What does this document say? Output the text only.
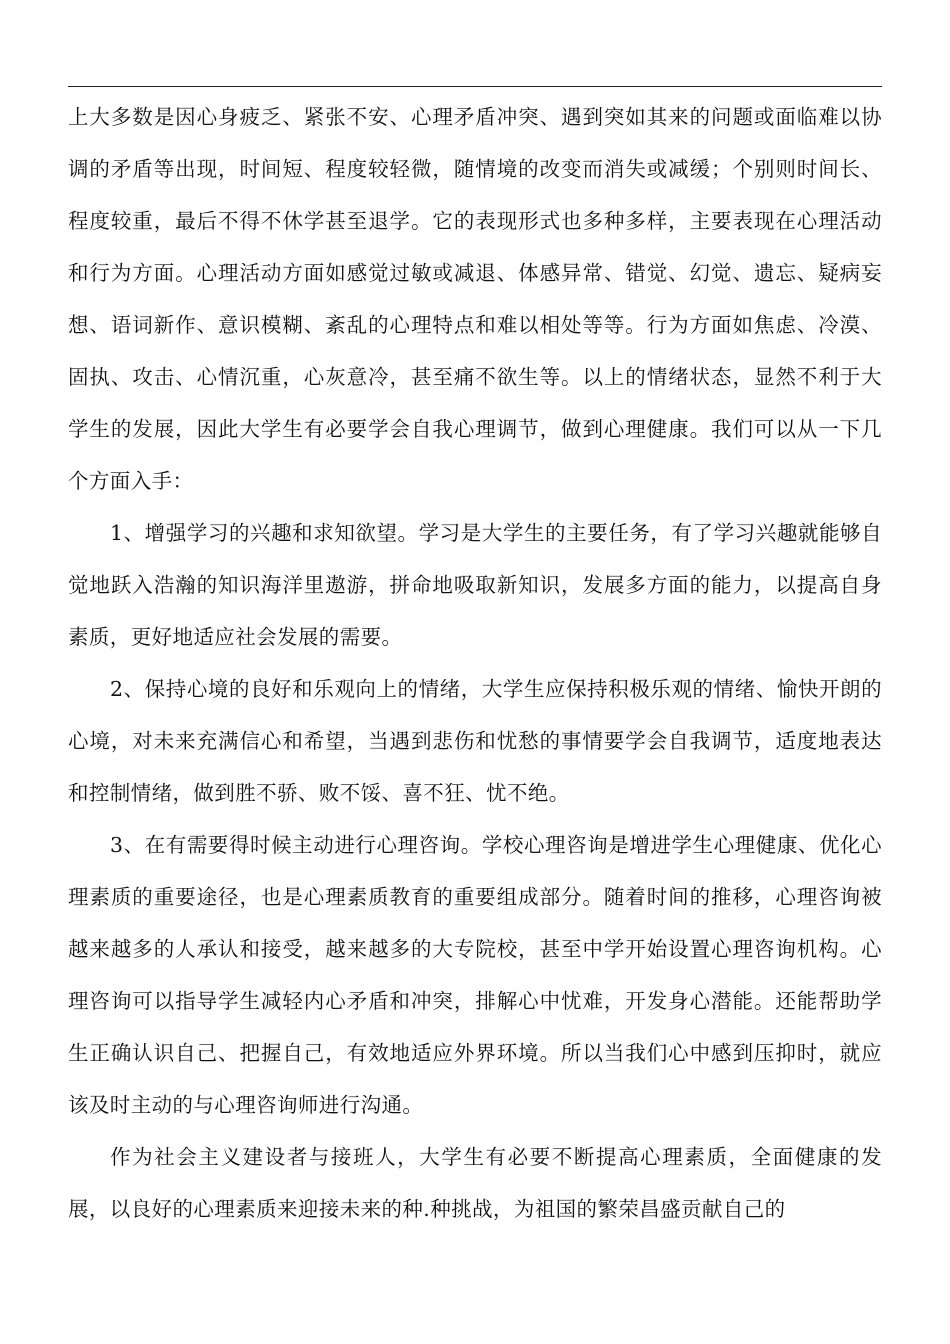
上大多数是因心身疲乏、紧张不安、心理矛盾冲突、遇到突如其来的问题或面临难以协调的矛盾等出现，时间短、程度较轻微，随情境的改变而消失或减缓；个别则时间长、程度较重，最后不得不休学甚至退学。它的表现形式也多种多样，主要表现在心理活动和行为方面。心理活动方面如感觉过敏或减退、体感异常、错觉、幻觉、遗忘、疑病妄想、语词新作、意识模糊、紊乱的心理特点和难以相处等等。行为方面如焦虑、冷漠、固执、攻击、心情沉重，心灰意冷，甚至痛不欲生等。以上的情绪状态，显然不利于大学生的发展，因此大学生有必要学会自我心理调节，做到心理健康。我们可以从一下几个方面入手：

1、增强学习的兴趣和求知欲望。学习是大学生的主要任务，有了学习兴趣就能够自觉地跃入浩瀚的知识海洋里遨游，拼命地吸取新知识，发展多方面的能力，以提高自身素质，更好地适应社会发展的需要。

2、保持心境的良好和乐观向上的情绪，大学生应保持积极乐观的情绪、愉快开朗的心境，对未来充满信心和希望，当遇到悲伤和忧愁的事情要学会自我调节，适度地表达和控制情绪，做到胜不骄、败不馁、喜不狂、忧不绝。

3、在有需要得时候主动进行心理咨询。学校心理咨询是增进学生心理健康、优化心理素质的重要途径，也是心理素质教育的重要组成部分。随着时间的推移，心理咨询被越来越多的人承认和接受，越来越多的大专院校，甚至中学开始设置心理咨询机构。心理咨询可以指导学生减轻内心矛盾和冲突，排解心中忧难，开发身心潜能。还能帮助学生正确认识自己、把握自己，有效地适应外界环境。所以当我们心中感到压抑时，就应该及时主动的与心理咨询师进行沟通。

作为社会主义建设者与接班人，大学生有必要不断提高心理素质，全面健康的发展，以良好的心理素质来迎接未来的种.种挑战，为祖国的繁荣昌盛贡献自己的
